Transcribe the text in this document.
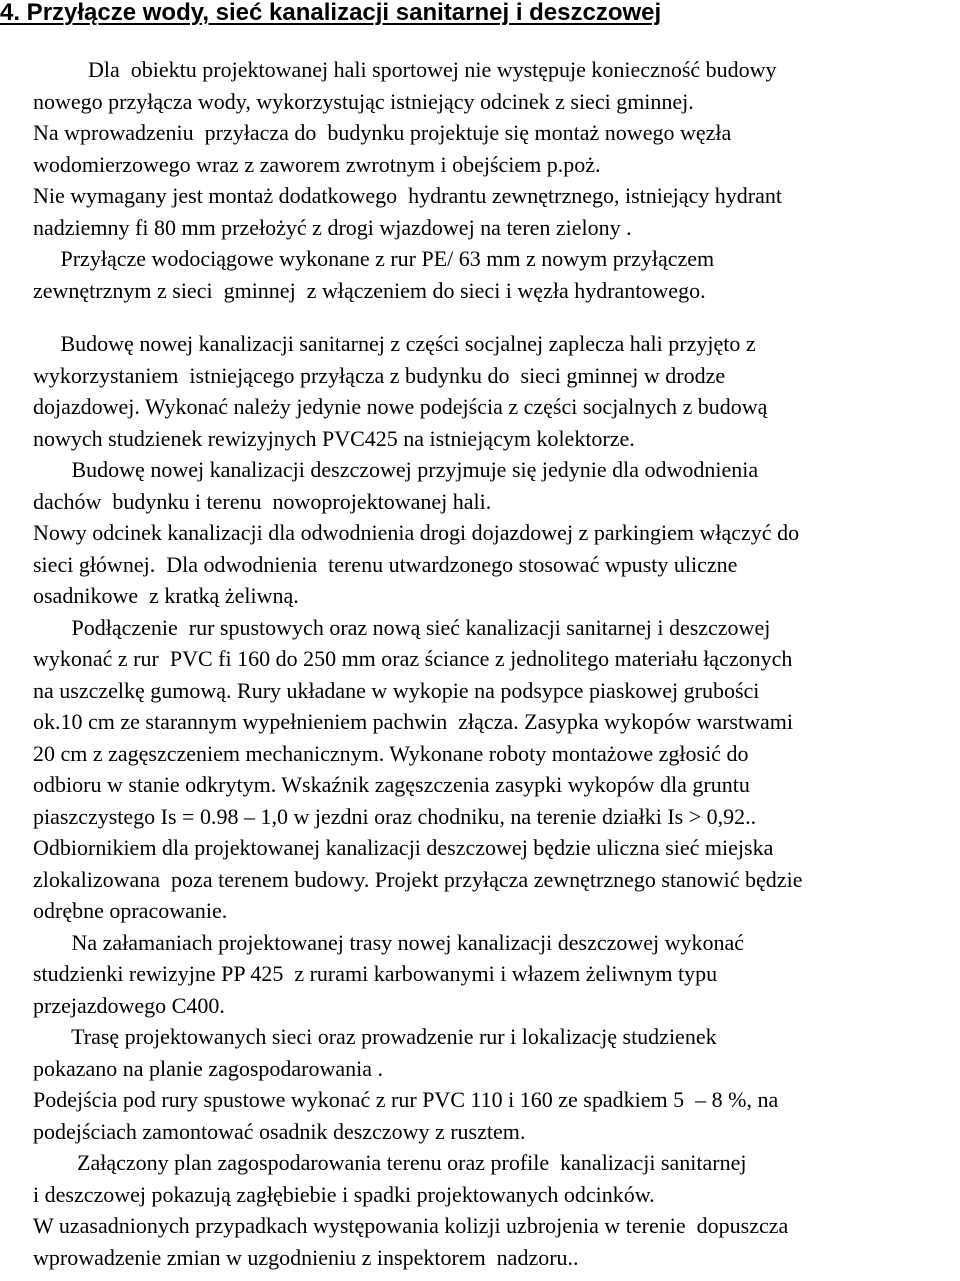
4. Przyłącze wody, sieć kanalizacji sanitarnej i deszczowej
Dla  obiektu projektowanej hali sportowej nie występuje konieczność budowy
nowego przyłącza wody, wykorzystując istniejący odcinek z sieci gminnej.
Na wprowadzeniu  przyłacza do  budynku projektuje się montaż nowego węzła
wodomierzowego wraz z zaworem zwrotnym i obejściem p.poż.
Nie wymagany jest montaż dodatkowego  hydrantu zewnętrznego, istniejący hydrant
nadziemny fi 80 mm przełożyć z drogi wjazdowej na teren zielony .
Przyłącze wodociągowe wykonane z rur PE/ 63 mm z nowym przyłączem
zewnętrznym z sieci  gminnej  z włączeniem do sieci i węzła hydrantowego.
Budowę nowej kanalizacji sanitarnej z części socjalnej zaplecza hali przyjęto z
wykorzystaniem  istniejącego przyłącza z budynku do  sieci gminnej w drodze
dojazdowej. Wykonać należy jedynie nowe podejścia z części socjalnych z budową
nowych studzienek rewizyjnych PVC425 na istniejącym kolektorze.
Budowę nowej kanalizacji deszczowej przyjmuje się jedynie dla odwodnienia
dachów  budynku i terenu  nowoprojektowanej hali.
Nowy odcinek kanalizacji dla odwodnienia drogi dojazdowej z parkingiem włączyć do
sieci głównej.  Dla odwodnienia  terenu utwardzonego stosować wpusty uliczne
osadnikowe  z kratką żeliwną.
Podłączenie  rur spustowych oraz nową sieć kanalizacji sanitarnej i deszczowej
wykonać z rur  PVC fi 160 do 250 mm oraz ściance z jednolitego materiału łączonych
na uszczelkę gumową. Rury układane w wykopie na podsypce piaskowej grubości
ok.10 cm ze starannym wypełnieniem pachwin  złącza. Zasypka wykopów warstwami
20 cm z zagęszczeniem mechanicznym. Wykonane roboty montażowe zgłosić do
odbioru w stanie odkrytym. Wskaźnik zagęszczenia zasypki wykopów dla gruntu
piaszczystego Is = 0.98 – 1,0 w jezdni oraz chodniku, na terenie działki Is > 0,92..
Odbiornikiem dla projektowanej kanalizacji deszczowej będzie uliczna sieć miejska
zlokalizowana  poza terenem budowy. Projekt przyłącza zewnętrznego stanowić będzie
odrębne opracowanie.
Na załamaniach projektowanej trasy nowej kanalizacji deszczowej wykonać
studzienki rewizyjne PP 425  z rurami karbowanymi i włazem żeliwnym typu
przejazdowego C400.
Trasę projektowanych sieci oraz prowadzenie rur i lokalizację studzienek
pokazano na planie zagospodarowania .
Podejścia pod rury spustowe wykonać z rur PVC 110 i 160 ze spadkiem 5  – 8 %, na
podejściach zamontować osadnik deszczowy z rusztem.
Załączony plan zagospodarowania terenu oraz profile  kanalizacji sanitarnej
i deszczowej pokazują zagłębiebie i spadki projektowanych odcinków.
W uzasadnionych przypadkach występowania kolizji uzbrojenia w terenie  dopuszcza
wprowadzenie zmian w uzgodnieniu z inspektorem  nadzoru..
